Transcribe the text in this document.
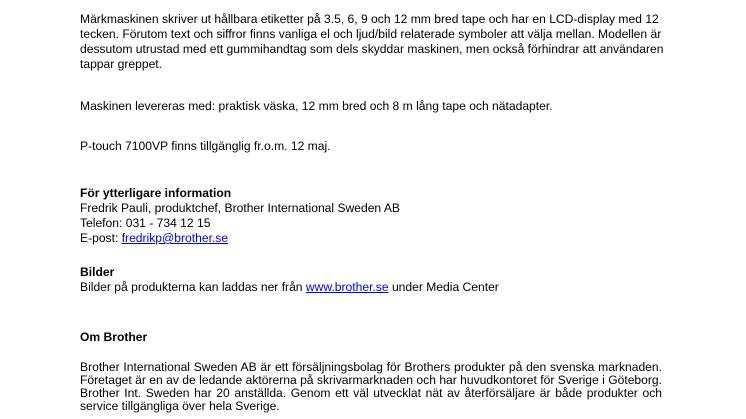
Märkmaskinen skriver ut hållbara etiketter på 3.5, 6, 9 och 12 mm bred tape och har en LCD-display med 12 tecken. Förutom text och siffror finns vanliga el och ljud/bild relaterade symboler att välja mellan. Modellen är dessutom utrustad med ett gummihandtag som dels skyddar maskinen, men också förhindrar att användaren tappar greppet.

Maskinen levereras med: praktisk väska, 12 mm bred och 8 m lång tape och nätadapter.

P-touch 7100VP finns tillgänglig fr.o.m. 12 maj.

För ytterligare information
Fredrik Pauli, produktchef, Brother International Sweden AB
Telefon: 031 - 734 12 15
E-post: fredrikp@brother.se
Bilder
Bilder på produkterna kan laddas ner från www.brother.se under Media Center
Om Brother

Brother International Sweden AB är ett försäljningsbolag för Brothers produkter på den svenska marknaden. Företaget är en av de ledande aktörerna på skrivarmarknaden och har huvudkontoret för Sverige i Göteborg. Brother Int. Sweden har 20 anställda. Genom ett väl utvecklat nät av återförsäljare är både produkter och service tillgängliga över hela Sverige.
